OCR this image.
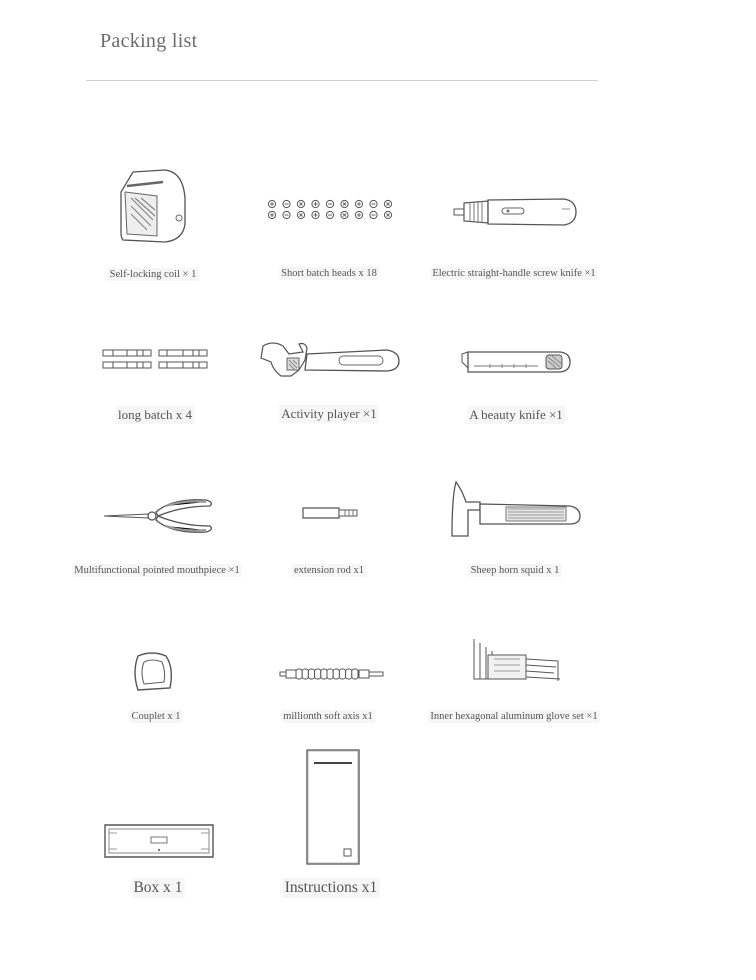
Packing list
Self-locking coil × 1	Short batch heads x 18	Electric straight-handle screw knife ×1
long batch x 4	Activity player ×1	A beauty knife ×1
Multifunctional pointed mouthpiece ×1	extension rod x1	Sheep horn squid x 1
Couplet x 1	millionth soft axis x1	Inner hexagonal aluminum glove set ×1
Box x 1	Instructions x1
